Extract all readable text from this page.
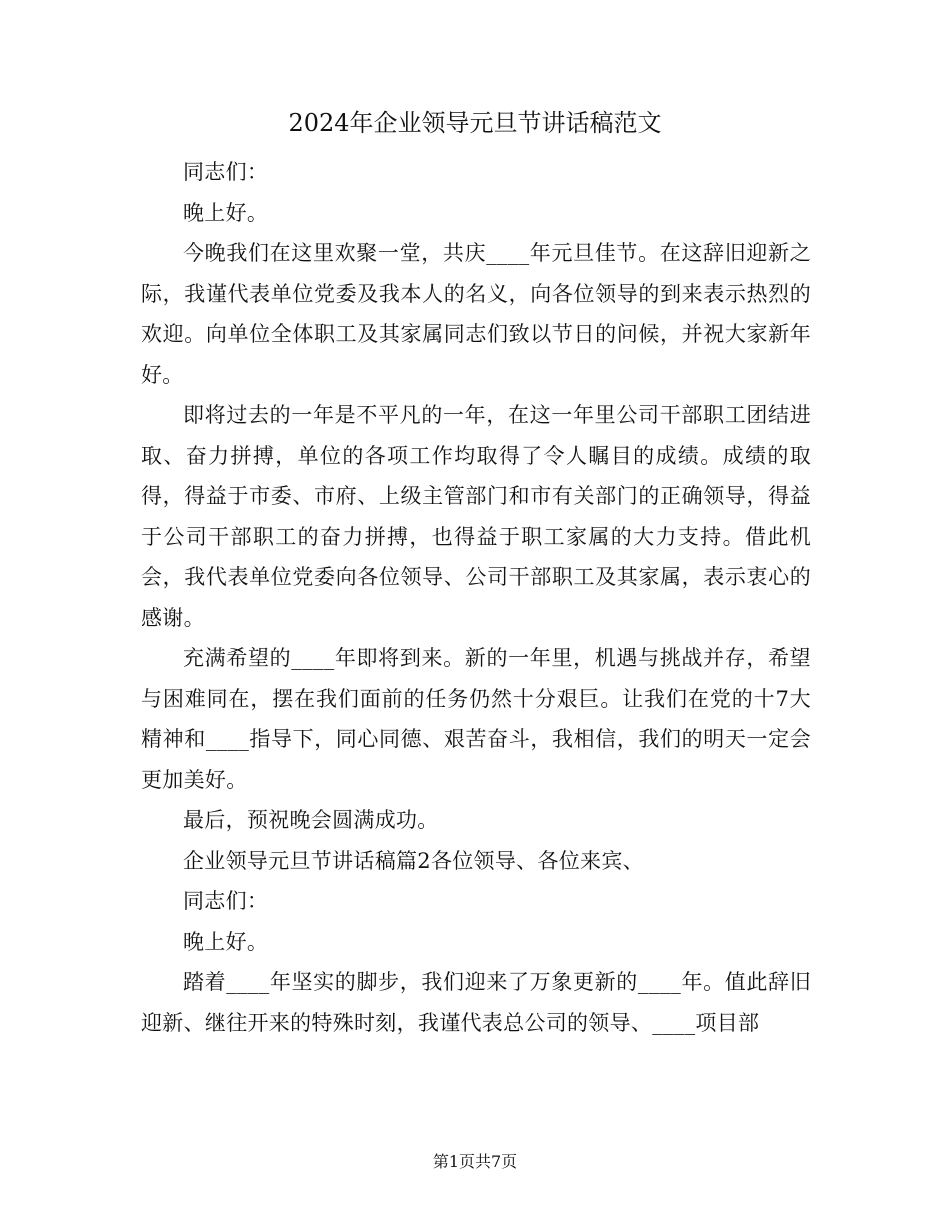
2024年企业领导元旦节讲话稿范文

同志们：

晚上好。

今晚我们在这里欢聚一堂，共庆____年元旦佳节。在这辞旧迎新之际，我谨代表单位党委及我本人的名义，向各位领导的到来表示热烈的欢迎。向单位全体职工及其家属同志们致以节日的问候，并祝大家新年好。

即将过去的一年是不平凡的一年，在这一年里公司干部职工团结进取、奋力拼搏，单位的各项工作均取得了令人瞩目的成绩。成绩的取得，得益于市委、市府、上级主管部门和市有关部门的正确领导，得益于公司干部职工的奋力拼搏，也得益于职工家属的大力支持。借此机会，我代表单位党委向各位领导、公司干部职工及其家属，表示衷心的感谢。

充满希望的____年即将到来。新的一年里，机遇与挑战并存，希望与困难同在，摆在我们面前的任务仍然十分艰巨。让我们在党的十7大精神和____指导下，同心同德、艰苦奋斗，我相信，我们的明天一定会更加美好。

最后，预祝晚会圆满成功。

企业领导元旦节讲话稿篇2各位领导、各位来宾、

同志们：

晚上好。

踏着____年坚实的脚步，我们迎来了万象更新的____年。值此辞旧迎新、继往开来的特殊时刻，我谨代表总公司的领导、____项目部

第1页共7页
